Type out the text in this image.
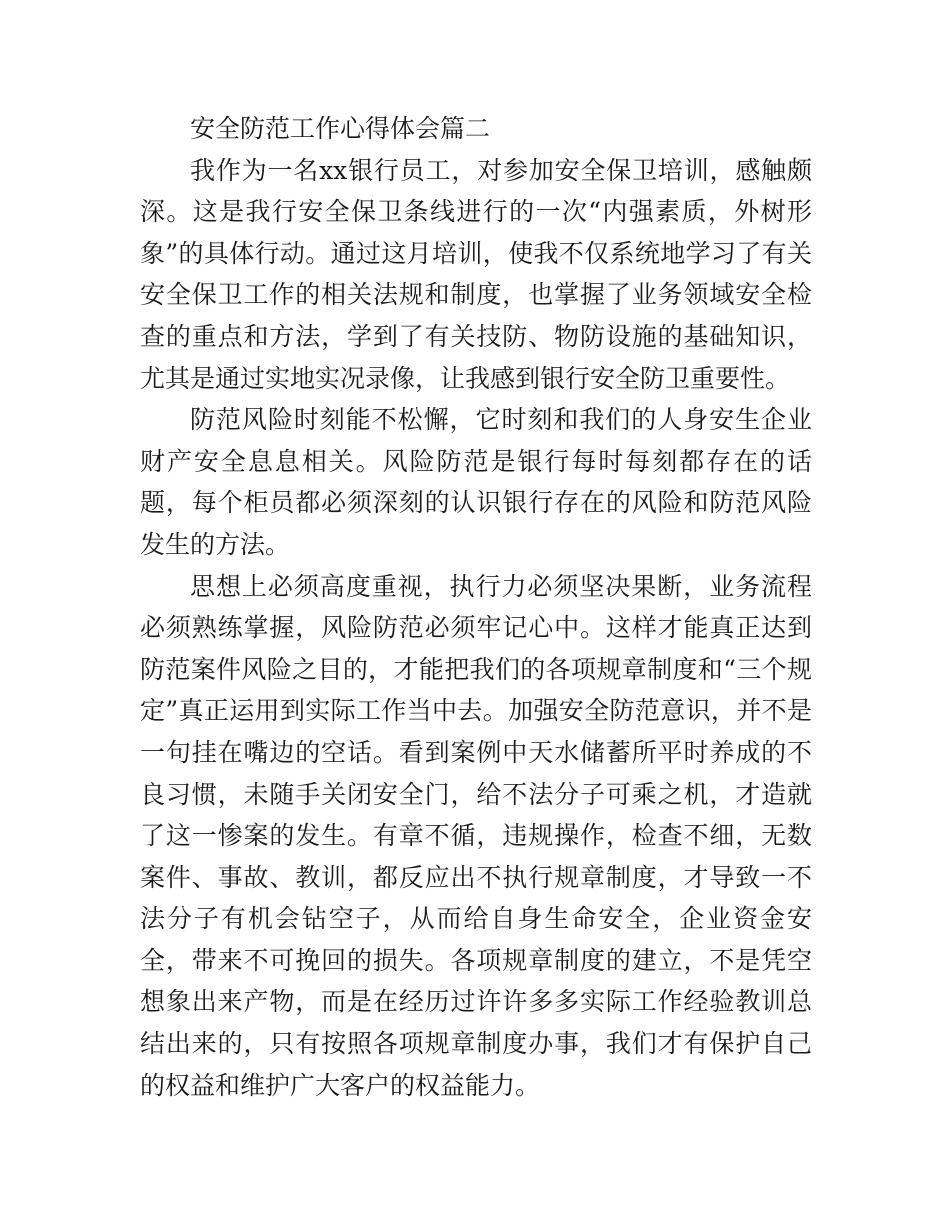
安全防范工作心得体会篇二

我作为一名xx银行员工，对参加安全保卫培训，感触颇深。这是我行安全保卫条线进行的一次“内强素质，外树形象”的具体行动。通过这月培训，使我不仅系统地学习了有关安全保卫工作的相关法规和制度，也掌握了业务领域安全检查的重点和方法，学到了有关技防、物防设施的基础知识，尤其是通过实地实况录像，让我感到银行安全防卫重要性。

防范风险时刻能不松懈，它时刻和我们的人身安生企业财产安全息息相关。风险防范是银行每时每刻都存在的话题，每个柜员都必须深刻的认识银行存在的风险和防范风险发生的方法。

思想上必须高度重视，执行力必须坚决果断，业务流程必须熟练掌握，风险防范必须牢记心中。这样才能真正达到防范案件风险之目的，才能把我们的各项规章制度和“三个规定”真正运用到实际工作当中去。加强安全防范意识，并不是一句挂在嘴边的空话。看到案例中天水储蓄所平时养成的不良习惯，未随手关闭安全门，给不法分子可乘之机，才造就了这一惨案的发生。有章不循，违规操作，检查不细，无数案件、事故、教训，都反应出不执行规章制度，才导致一不法分子有机会钻空子，从而给自身生命安全，企业资金安全，带来不可挽回的损失。各项规章制度的建立，不是凭空想象出来产物，而是在经历过许许多多实际工作经验教训总结出来的，只有按照各项规章制度办事，我们才有保护自己的权益和维护广大客户的权益能力。
